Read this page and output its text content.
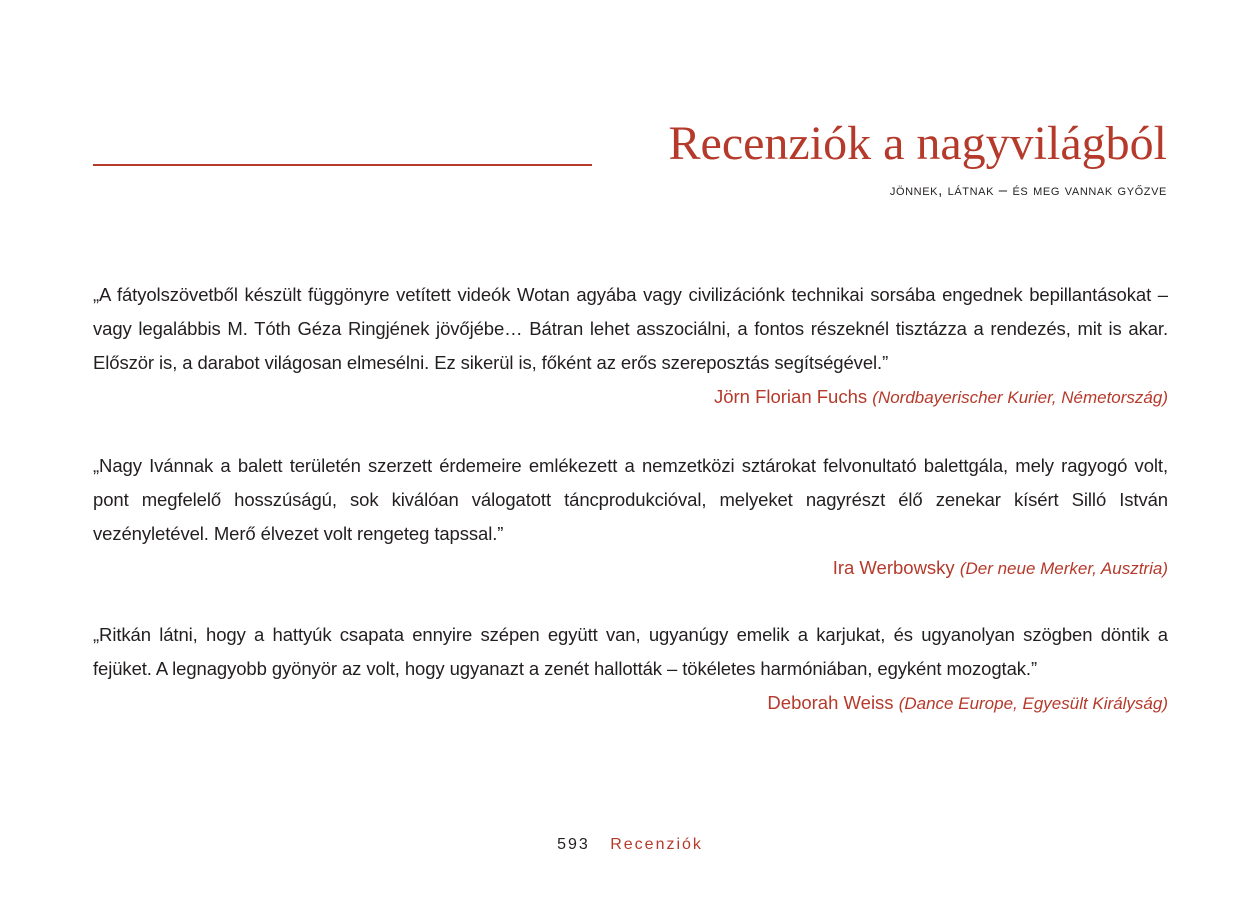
Recenziók a nagyvilágból
jönnek, látnak – és meg vannak győzve

„A fátyolszövetből készült függönyre vetített videók Wotan agyába vagy civilizációnk technikai sorsába engednek bepillantásokat – vagy legalábbis M. Tóth Géza Ringjének jövőjébe… Bátran lehet asszociálni, a fontos részeknél tisztázza a rendezés, mit is akar. Először is, a darabot világosan elmesélni. Ez sikerül is, főként az erős szereposztás segítségével.”

Jörn Florian Fuchs (Nordbayerischer Kurier, Németország)

„Nagy Ivánnak a balett területén szerzett érdemeire emlékezett a nemzetközi sztárokat felvonultató balettgála, mely ragyogó volt, pont megfelelő hosszúságú, sok kiválóan válogatott táncprodukcióval, melyeket nagyrészt élő zenekar kísért Silló István vezényletével. Merő élvezet volt rengeteg tapssal.”

Ira Werbowsky (Der neue Merker, Ausztria)

„Ritkán látni, hogy a hattyúk csapata ennyire szépen együtt van, ugyanúgy emelik a karjukat, és ugyanolyan szögben döntik a fejüket. A legnagyobb gyönyör az volt, hogy ugyanazt a zenét hallották – tökéletes harmóniában, egyként mozogtak.”

Deborah Weiss (Dance Europe, Egyesült Királyság)

593 Recenziók
